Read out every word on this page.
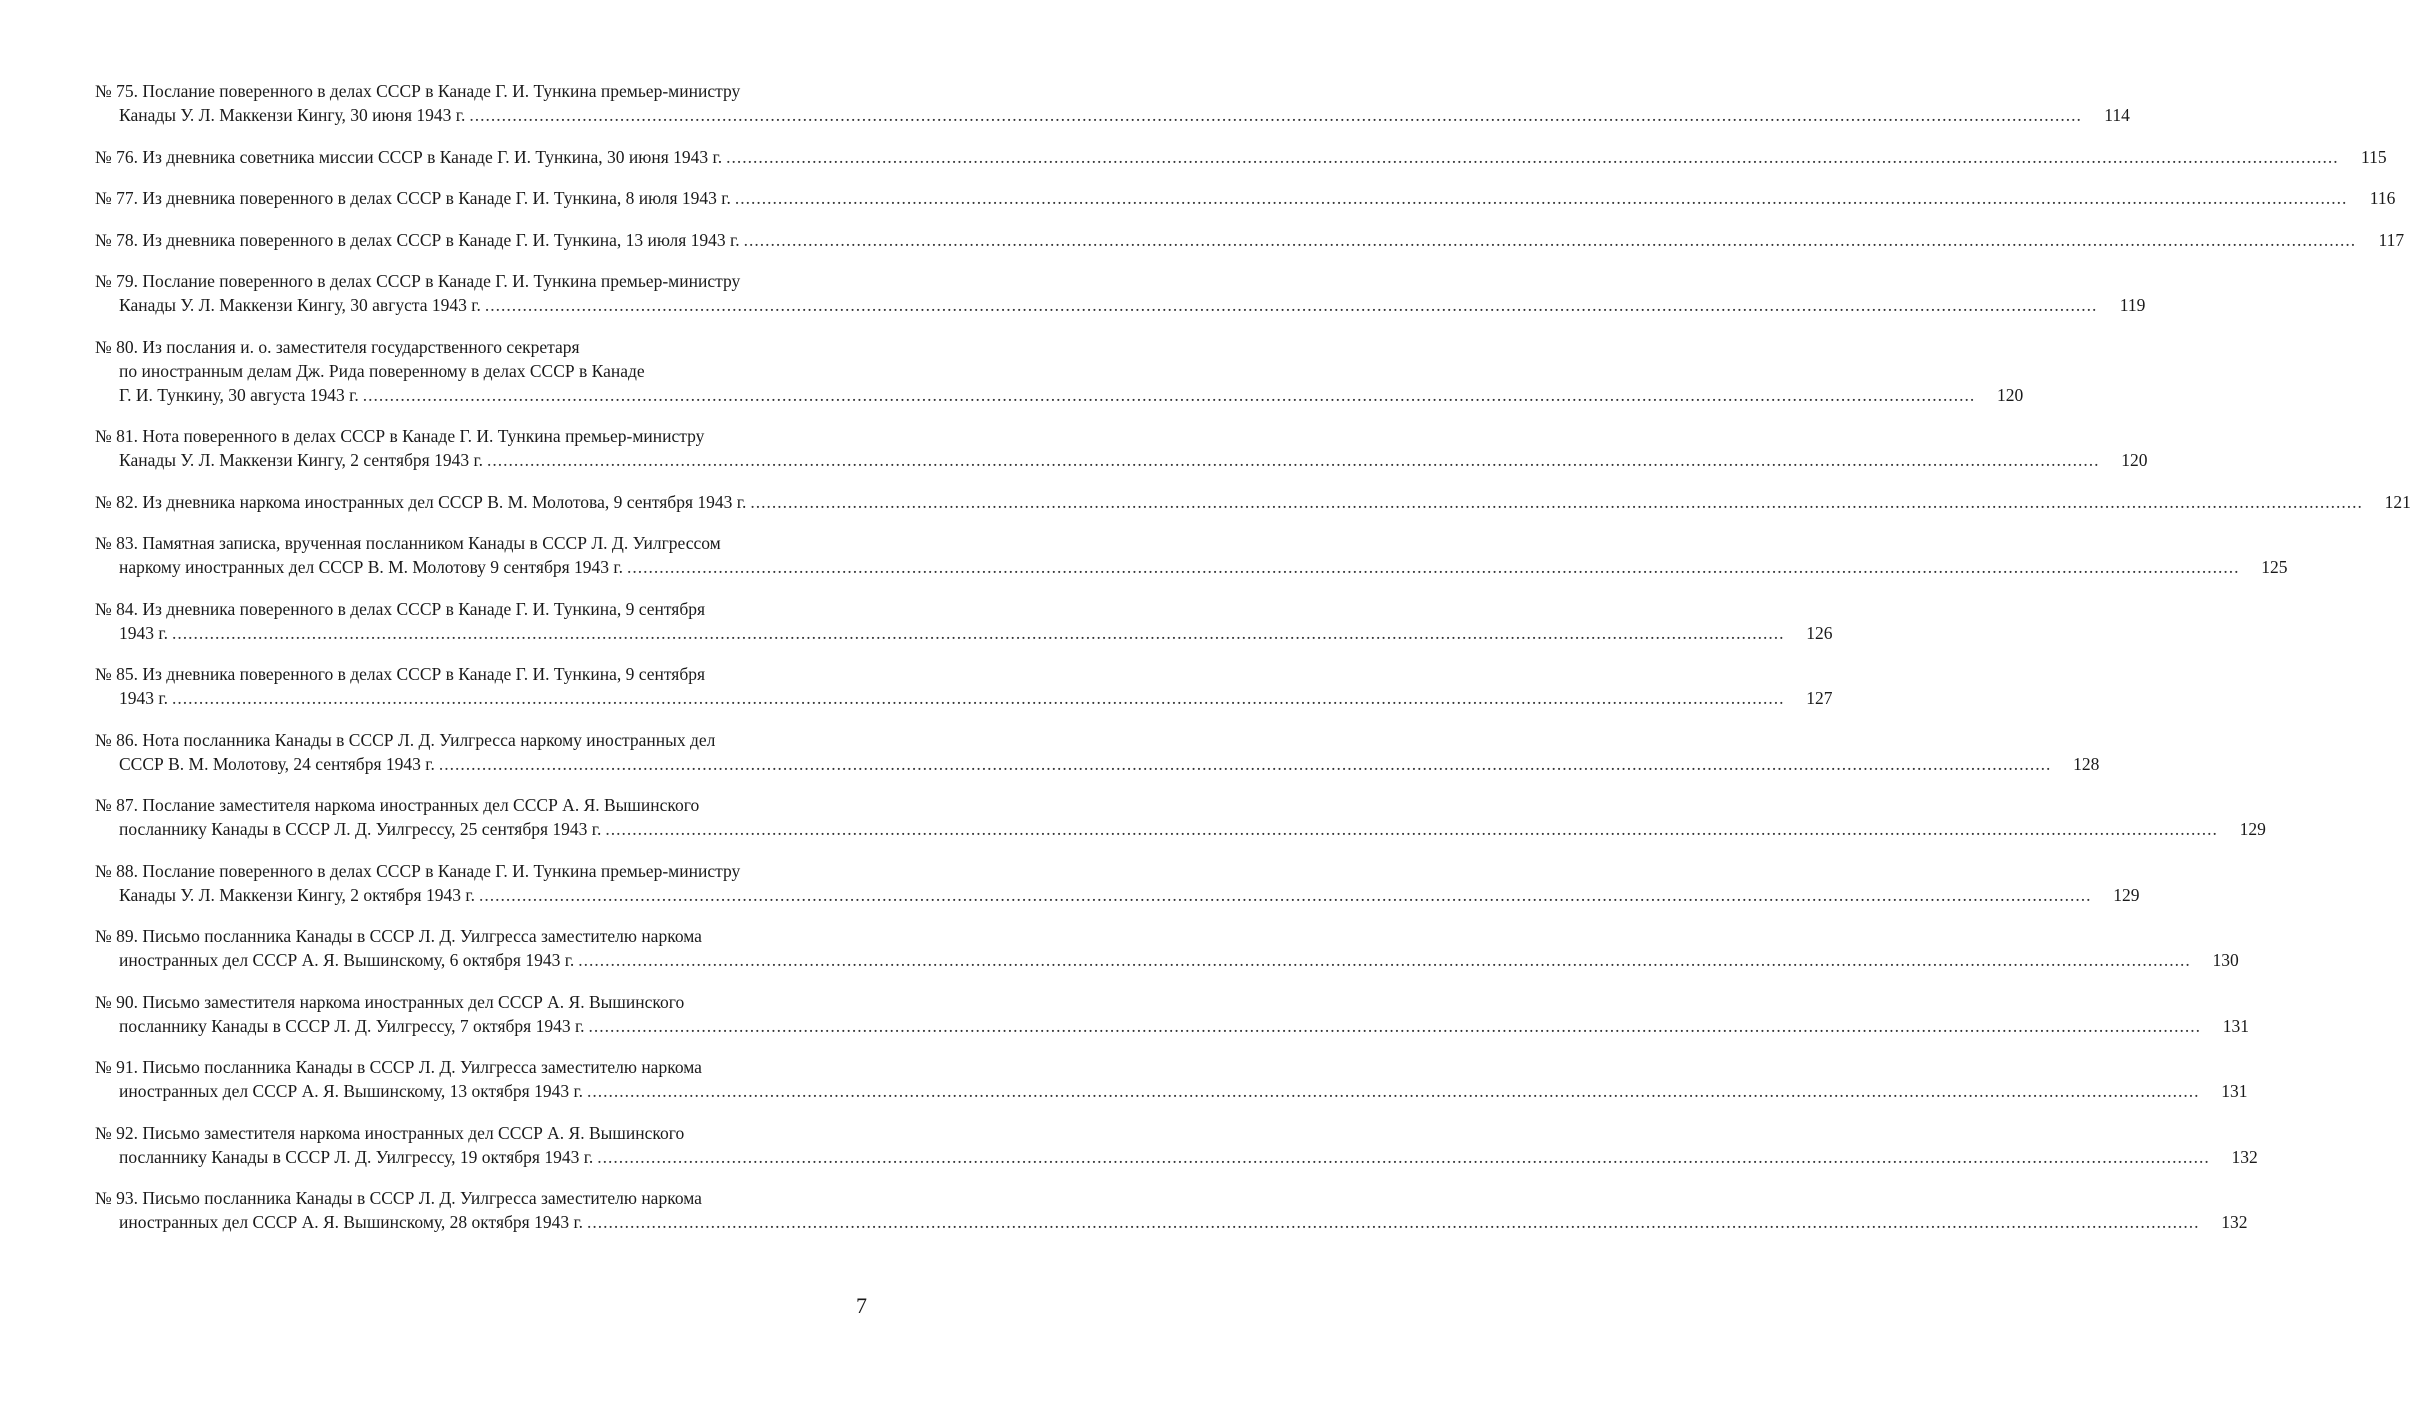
№ 75. Послание поверенного в делах СССР в Канаде Г. И. Тункина премьер-министру
Канады У. Л. Маккензи Кингу, 30 июня 1943 г. ............................................................................................................................................................................................................................................................................................................	114
№ 76. Из дневника советника миссии СССР в Канаде Г. И. Тункина, 30 июня 1943 г. ............................................................................................................................................................................................................................................................................................................	115
№ 77. Из дневника поверенного в делах СССР в Канаде Г. И. Тункина, 8 июля 1943 г. ............................................................................................................................................................................................................................................................................................................	116
№ 78. Из дневника поверенного в делах СССР в Канаде Г. И. Тункина, 13 июля 1943 г. ............................................................................................................................................................................................................................................................................................................	117
№ 79. Послание поверенного в делах СССР в Канаде Г. И. Тункина премьер-министру
Канады У. Л. Маккензи Кингу, 30 августа 1943 г. ............................................................................................................................................................................................................................................................................................................	119
№ 80. Из послания и. о. заместителя государственного секретаря
по иностранным делам Дж. Рида поверенному в делах СССР в Канаде
Г. И. Тункину, 30 августа 1943 г. ............................................................................................................................................................................................................................................................................................................	120
№ 81. Нота поверенного в делах СССР в Канаде Г. И. Тункина премьер-министру
Канады У. Л. Маккензи Кингу, 2 сентября 1943 г. ............................................................................................................................................................................................................................................................................................................	120
№ 82. Из дневника наркома иностранных дел СССР В. М. Молотова, 9 сентября 1943 г. ............................................................................................................................................................................................................................................................................................................	121
№ 83. Памятная записка, врученная посланником Канады в СССР Л. Д. Уилгрессом
наркому иностранных дел СССР В. М. Молотову 9 сентября 1943 г. ............................................................................................................................................................................................................................................................................................................	125
№ 84. Из дневника поверенного в делах СССР в Канаде Г. И. Тункина, 9 сентября
1943 г. ............................................................................................................................................................................................................................................................................................................	126
№ 85. Из дневника поверенного в делах СССР в Канаде Г. И. Тункина, 9 сентября
1943 г. ............................................................................................................................................................................................................................................................................................................	127
№ 86. Нота посланника Канады в СССР Л. Д. Уилгресса наркому иностранных дел
СССР В. М. Молотову, 24 сентября 1943 г. ............................................................................................................................................................................................................................................................................................................	128
№ 87. Послание заместителя наркома иностранных дел СССР А. Я. Вышинского
посланнику Канады в СССР Л. Д. Уилгрессу, 25 сентября 1943 г. ............................................................................................................................................................................................................................................................................................................	129
№ 88. Послание поверенного в делах СССР в Канаде Г. И. Тункина премьер-министру
Канады У. Л. Маккензи Кингу, 2 октября 1943 г. ............................................................................................................................................................................................................................................................................................................	129
№ 89. Письмо посланника Канады в СССР Л. Д. Уилгресса заместителю наркома
иностранных дел СССР А. Я. Вышинскому, 6 октября 1943 г. ............................................................................................................................................................................................................................................................................................................	130
№ 90. Письмо заместителя наркома иностранных дел СССР А. Я. Вышинского
посланнику Канады в СССР Л. Д. Уилгрессу, 7 октября 1943 г. ............................................................................................................................................................................................................................................................................................................	131
№ 91. Письмо посланника Канады в СССР Л. Д. Уилгресса заместителю наркома
иностранных дел СССР А. Я. Вышинскому, 13 октября 1943 г. ............................................................................................................................................................................................................................................................................................................	131
№ 92. Письмо заместителя наркома иностранных дел СССР А. Я. Вышинского
посланнику Канады в СССР Л. Д. Уилгрессу, 19 октября 1943 г. ............................................................................................................................................................................................................................................................................................................	132
№ 93. Письмо посланника Канады в СССР Л. Д. Уилгресса заместителю наркома
иностранных дел СССР А. Я. Вышинскому, 28 октября 1943 г. ............................................................................................................................................................................................................................................................................................................	132
7
